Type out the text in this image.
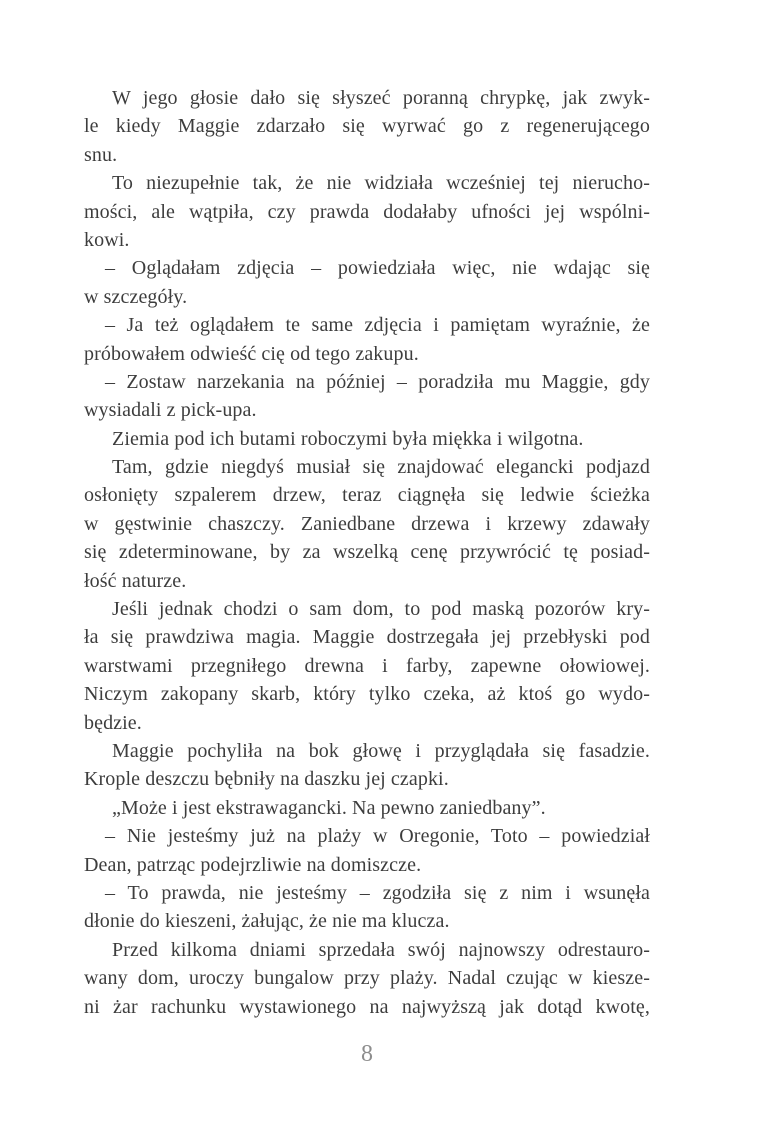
W jego głosie dało się słyszeć poranną chrypkę, jak zwyk-
le kiedy Maggie zdarzało się wyrwać go z regenerującego
snu.
To niezupełnie tak, że nie widziała wcześniej tej nierucho-
mości, ale wątpiła, czy prawda dodałaby ufności jej wspólni-
kowi.
– Oglądałam zdjęcia – powiedziała więc, nie wdając się
w szczegóły.
– Ja też oglądałem te same zdjęcia i pamiętam wyraźnie, że
próbowałem odwieść cię od tego zakupu.
– Zostaw narzekania na później – poradziła mu Maggie, gdy
wysiadali z pick-upa.
Ziemia pod ich butami roboczymi była miękka i wilgotna.
Tam, gdzie niegdyś musiał się znajdować elegancki podjazd
osłonięty szpalerem drzew, teraz ciągnęła się ledwie ścieżka
w gęstwinie chaszczy. Zaniedbane drzewa i krzewy zdawały
się zdeterminowane, by za wszelką cenę przywrócić tę posiad-
łość naturze.
Jeśli jednak chodzi o sam dom, to pod maską pozorów kry-
ła się prawdziwa magia. Maggie dostrzegała jej przebłyski pod
warstwami przegniłego drewna i farby, zapewne ołowiowej.
Niczym zakopany skarb, który tylko czeka, aż ktoś go wydo-
będzie.
Maggie pochyliła na bok głowę i przyglądała się fasadzie.
Krople deszczu bębniły na daszku jej czapki.
„Może i jest ekstrawagancki. Na pewno zaniedbany”.
– Nie jesteśmy już na plaży w Oregonie, Toto – powiedział
Dean, patrząc podejrzliwie na domiszcze.
– To prawda, nie jesteśmy – zgodziła się z nim i wsunęła
dłonie do kieszeni, żałując, że nie ma klucza.
Przed kilkoma dniami sprzedała swój najnowszy odrestauro-
wany dom, uroczy bungalow przy plaży. Nadal czując w kiesze-
ni żar rachunku wystawionego na najwyższą jak dotąd kwotę,
8
